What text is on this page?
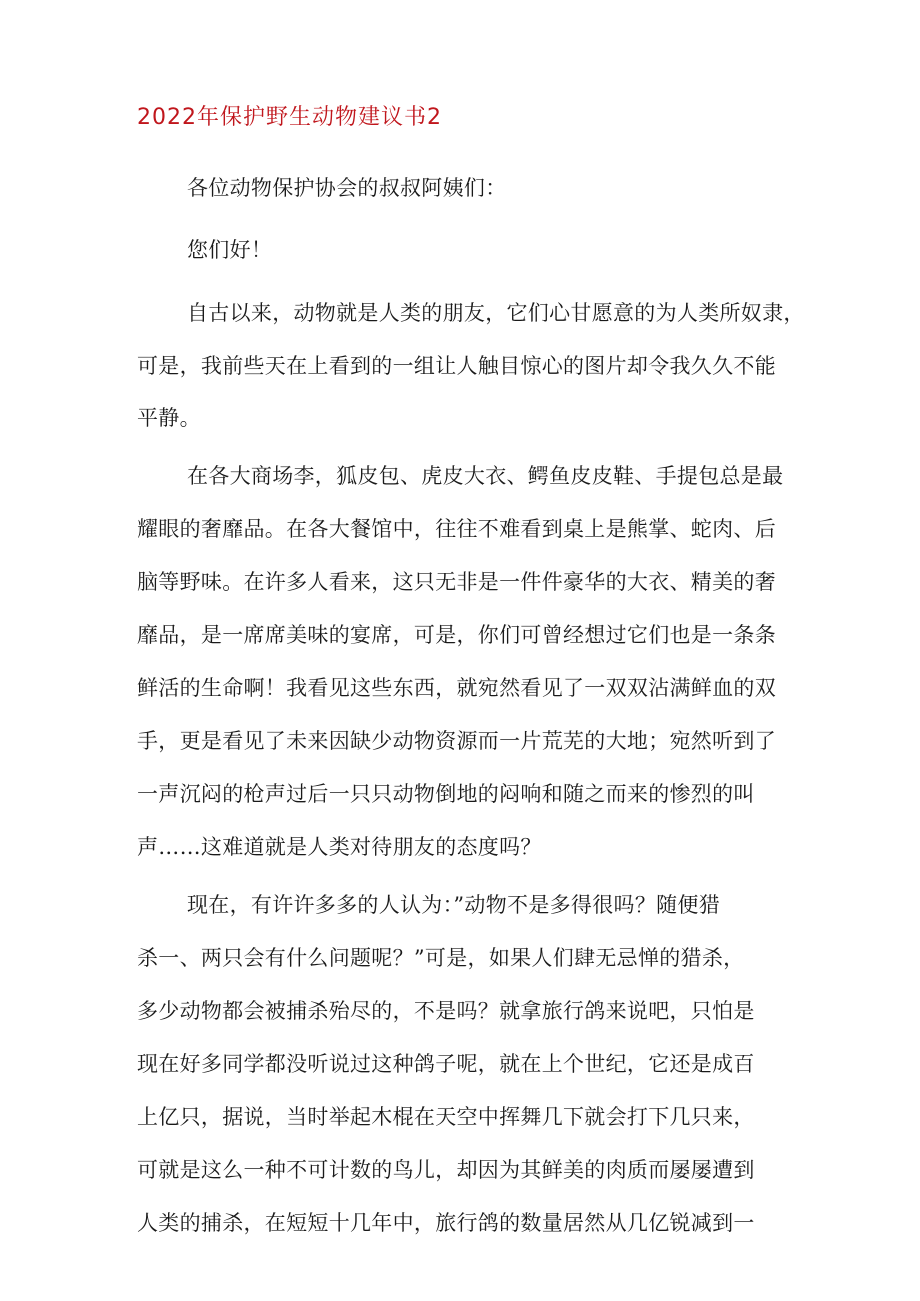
2022年保护野生动物建议书2
各位动物保护协会的叔叔阿姨们：
您们好！
自古以来，动物就是人类的朋友，它们心甘愿意的为人类所奴隶，
可是，我前些天在上看到的一组让人触目惊心的图片却令我久久不能
平静。
在各大商场李，狐皮包、虎皮大衣、鳄鱼皮皮鞋、手提包总是最
耀眼的奢靡品。在各大餐馆中，往往不难看到桌上是熊掌、蛇肉、后
脑等野味。在许多人看来，这只无非是一件件豪华的大衣、精美的奢
靡品，是一席席美味的宴席，可是，你们可曾经想过它们也是一条条
鲜活的生命啊！我看见这些东西，就宛然看见了一双双沾满鲜血的双
手，更是看见了未来因缺少动物资源而一片荒芜的大地；宛然听到了
一声沉闷的枪声过后一只只动物倒地的闷响和随之而来的惨烈的叫
声……这难道就是人类对待朋友的态度吗？
现在，有许许多多的人认为：”动物不是多得很吗？随便猎
杀一、两只会有什么问题呢？”可是，如果人们肆无忌惮的猎杀，
多少动物都会被捕杀殆尽的，不是吗？就拿旅行鸽来说吧，只怕是
现在好多同学都没听说过这种鸽子呢，就在上个世纪，它还是成百
上亿只，据说，当时举起木棍在天空中挥舞几下就会打下几只来，
可就是这么一种不可计数的鸟儿，却因为其鲜美的肉质而屡屡遭到
人类的捕杀，在短短十几年中，旅行鸽的数量居然从几亿锐减到一
